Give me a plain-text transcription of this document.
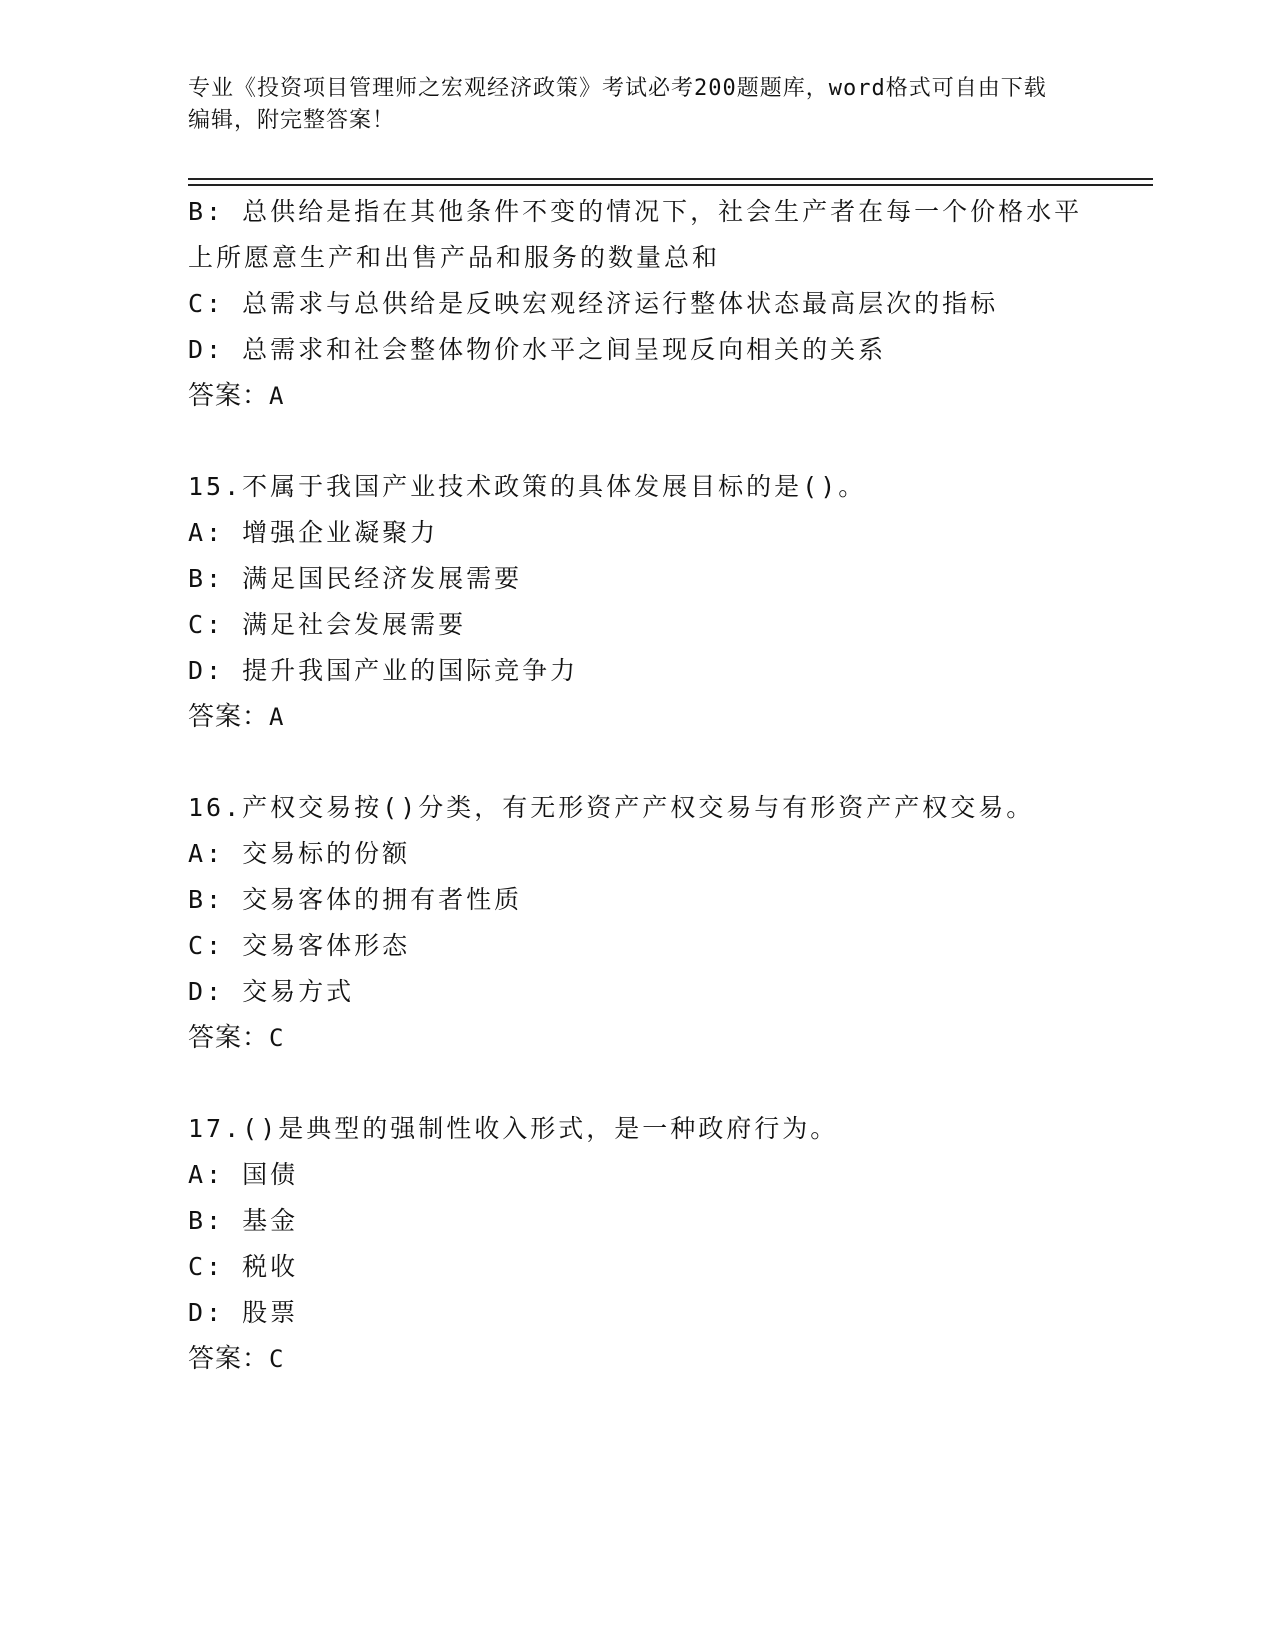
专业《投资项目管理师之宏观经济政策》考试必考200题题库，word格式可自由下载编辑，附完整答案！
B: 总供给是指在其他条件不变的情况下，社会生产者在每一个价格水平上所愿意生产和出售产品和服务的数量总和
C: 总需求与总供给是反映宏观经济运行整体状态最高层次的指标
D: 总需求和社会整体物价水平之间呈现反向相关的关系
答案：A
15.不属于我国产业技术政策的具体发展目标的是()。
A: 增强企业凝聚力
B: 满足国民经济发展需要
C: 满足社会发展需要
D: 提升我国产业的国际竞争力
答案：A
16.产权交易按()分类，有无形资产产权交易与有形资产产权交易。
A: 交易标的份额
B: 交易客体的拥有者性质
C: 交易客体形态
D: 交易方式
答案：C
17.()是典型的强制性收入形式，是一种政府行为。
A: 国债
B: 基金
C: 税收
D: 股票
答案：C
